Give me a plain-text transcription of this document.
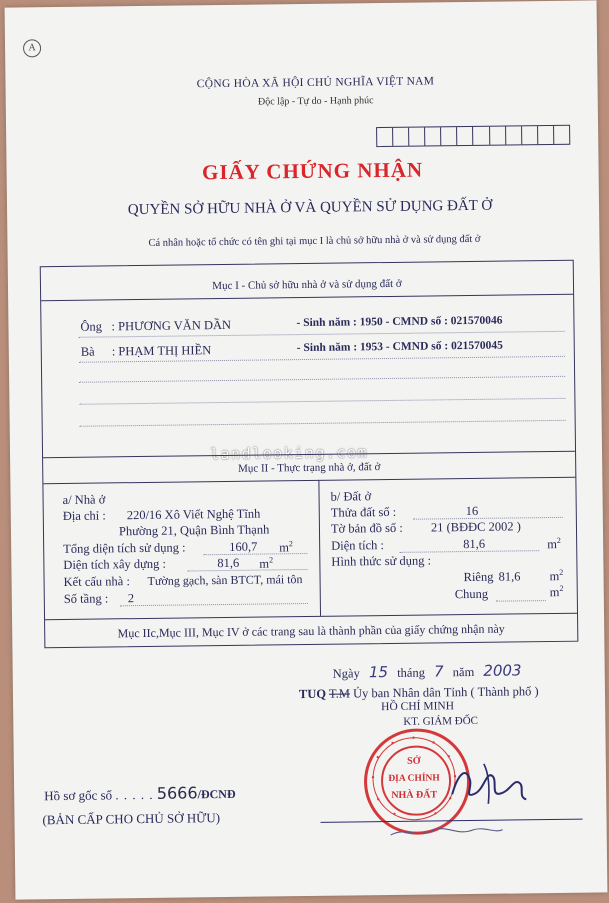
A
CỘNG HÒA XÃ HỘI CHỦ NGHĨA VIỆT NAM
Độc lập - Tự do - Hạnh phúc
GIẤY CHỨNG NHẬN
QUYỀN SỞ HỮU NHÀ Ở VÀ QUYỀN SỬ DỤNG ĐẤT Ở
Cá nhân hoặc tổ chức có tên ghi tại mục I là chủ sở hữu nhà ở và sử dụng đất ở
Mục I - Chủ sở hữu nhà ở và sử dụng đất ở
Ông : PHƯƠNG VĂN DẦN	- Sinh năm : 1950 - CMND số : 021570046
Bà : PHẠM THỊ HIỀN	- Sinh năm : 1953 - CMND số : 021570045
landlooking.com
Mục II - Thực trạng nhà ở, đất ở
a/ Nhà ở
Địa chỉ : 220/16 Xô Viết Nghệ Tĩnh
Phường 21, Quận Bình Thạnh
Tổng diện tích sử dụng :	160,7 $m^2$
Diện tích xây dựng :	81,6 $m^2$
Kết cấu nhà : Tường gạch, sàn BTCT, mái tôn
Số tầng : 2
b/ Đất ở
Thửa đất số :	16
Tờ bản đồ số : 21 (BĐĐC 2002 )
Diện tích :	81,6	$m^2$
Hình thức sử dụng :
Riêng 81,6 $m^2$
Chung	$m^2$
Mục IIc,Mục III, Mục IV ở các trang sau là thành phần của giấy chứng nhận này
Ngày 15 tháng 7 năm 2003
TUQ T.M Ủy ban Nhân dân Tỉnh ( Thành phố )
HỒ CHÍ MINH
KT. GIÁM ĐỐC
SỞ
ĐỊA CHÍNH
NHÀ ĐẤT
Hồ sơ gốc số . . . . . 5666/ĐCNĐ
(BẢN CẤP CHO CHỦ SỞ HỮU)
